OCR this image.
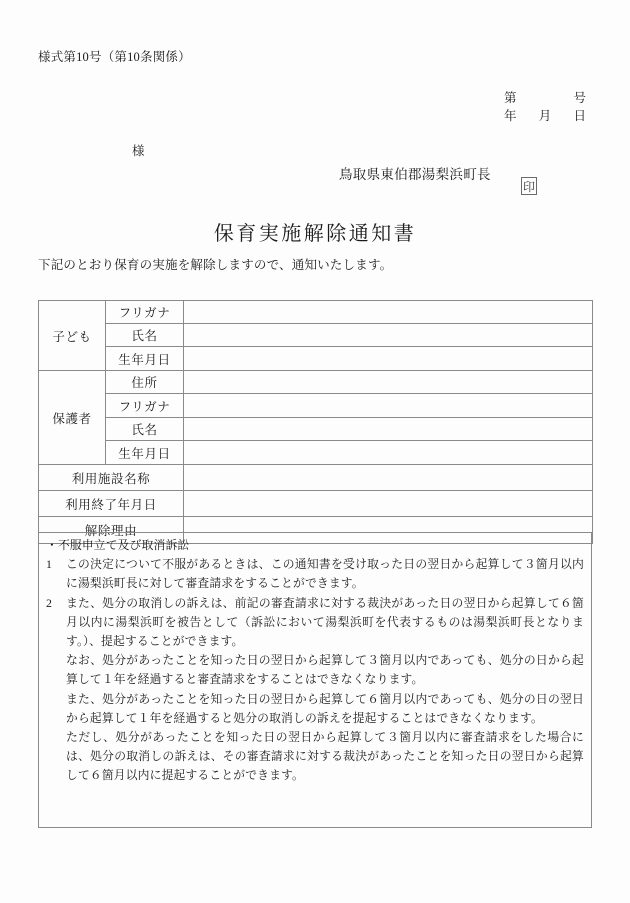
様式第10号（第10条関係）
第	号
年 月 日
様
鳥取県東伯郡湯梨浜町長
印
保育実施解除通知書
下記のとおり保育の実施を解除しますので、通知いたします。
子ども	フリガナ	
	氏名	
	生年月日	
保護者	住所	
	フリガナ	
	氏名	
	生年月日	
利用施設名称		
利用終了年月日		
解除理由		
・不服申立て及び取消訴訟
1	この決定について不服があるときは、この通知書を受け取った日の翌日から起算して３箇月以内に湯梨浜町長に対して審査請求をすることができます。
2	また、処分の取消しの訴えは、前記の審査請求に対する裁決があった日の翌日から起算して６箇月以内に湯梨浜町を被告として（訴訟において湯梨浜町を代表するものは湯梨浜町長となります。）、提起することができます。
なお、処分があったことを知った日の翌日から起算して３箇月以内であっても、処分の日から起算して１年を経過すると審査請求をすることはできなくなります。
また、処分があったことを知った日の翌日から起算して６箇月以内であっても、処分の日の翌日から起算して１年を経過すると処分の取消しの訴えを提起することはできなくなります。
ただし、処分があったことを知った日の翌日から起算して３箇月以内に審査請求をした場合には、処分の取消しの訴えは、その審査請求に対する裁決があったことを知った日の翌日から起算して６箇月以内に提起することができます。
